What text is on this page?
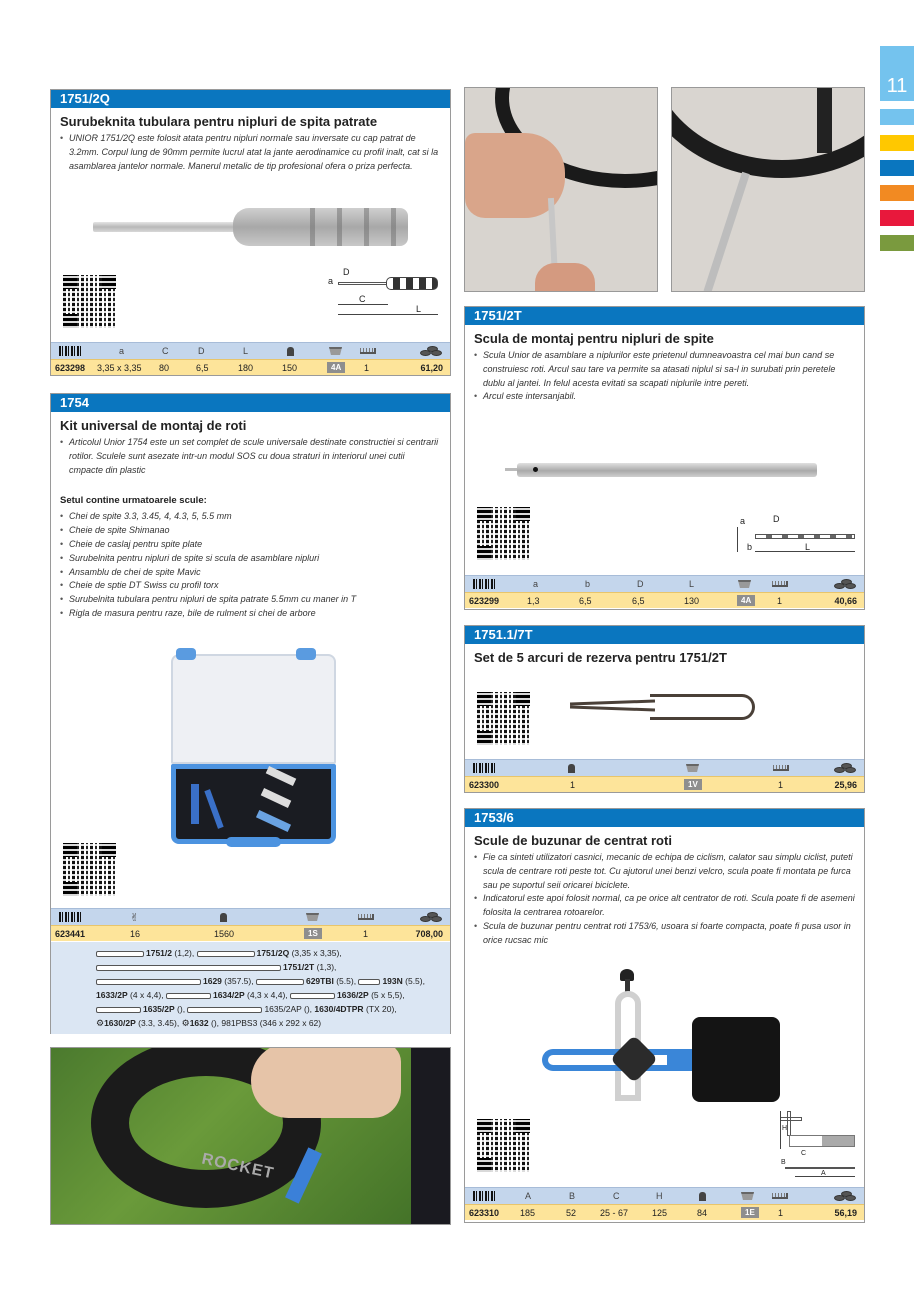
11
1751/2Q
Surubeknita tubulara pentru nipluri de spita patrate
• UNIOR 1751/2Q este folosit atata pentru nipluri normale sau inversate cu cap patrat de 3.2mm. Corpul lung de 90mm permite lucrul atat la jante aerodinamice cu profil inalt, cat si la asamblarea jantelor normale. Manerul metalic de tip profesional ofera o priza perfecta.
a
D
C
L
a	C	D	L
623298 3,35 x 3,35 80	6,5	180	150	4A	1	61,20
1754
Kit universal de montaj de roti
• Articolul Unior 1754 este un set complet de scule universale destinate constructiei si centrarii rotilor. Sculele sunt asezate intr-un modul SOS cu doua straturi in interiorul unei cutii cmpacte din plastic
Setul contine urmatoarele scule:
• Chei de spite 3.3, 3.45, 4, 4.3, 5, 5.5 mm
• Cheie de spite Shimanao
• Cheie de caslaj pentru spite plate
• Surubelnita pentru nipluri de spite si scula de asamblare nipluri
• Ansamblu de chei de spite Mavic
• Cheie de sptie DT Swiss cu profil torx
• Surubelnita tubulara pentru nipluri de spita patrate 5.5mm cu maner in T
• Rigla de masura pentru raze, bile de rulment si chei de arbore
✌
623441	16	1560	1S	1	708,00
1751/2 (1,2),	1751/2Q (3,35 x 3,35),
1751/2T (1,3),
1629 (357.5),	629TBI (5.5),	193N (5.5),
1633/2P (4 x 4,4),	1634/2P (4,3 x 4,4),	1636/2P (5 x 5,5),
1635/2P (),	1635/2AP (), 1630/4DTPR (TX 20),
⚙1630/2P (3.3, 3.45), ⚙1632 (), 981PBS3 (346 x 292 x 62)
ROCKET
1751/2T
Scula de montaj pentru nipluri de spite
• Scula Unior de asamblare a niplurilor este prietenul dumneavoastra cel mai bun cand se construiesc roti. Arcul sau tare va permite sa atasati niplul si sa-l in surubati prin peretele dublu al jantei. In felul acesta evitati sa scapati niplurile intre pereti.
• Arcul este intersanjabil.
a	D
b	L
a	b	D	L
623299	1,3	6,5	6,5	130	4A	1	40,66
1751.1/7T
Set de 5 arcuri de rezerva pentru 1751/2T
623300	1	1V	1	25,96
1753/6
Scule de buzunar de centrat roti
• Fie ca sinteti utilizatori casnici, mecanic de echipa de ciclism, calator sau simplu ciclist, puteti scula de centrare roti peste tot. Cu ajutorul unei benzi velcro, scula poate fi montata pe furca sau pe suportul seii oricarei biciclete.
• Indicatorul este apoi folosit normal, ca pe orice alt centrator de roti. Scula poate fi de asemeni folosita la centrarea rotoarelor.
• Scula de buzunar pentru centrat roti 1753/6, usoara si foarte compacta, poate fi pusa usor in orice rucsac mic
H
C
B
A
A	B	C	H
623310 185	52	25 - 67	125	84	1E	1	56,19
